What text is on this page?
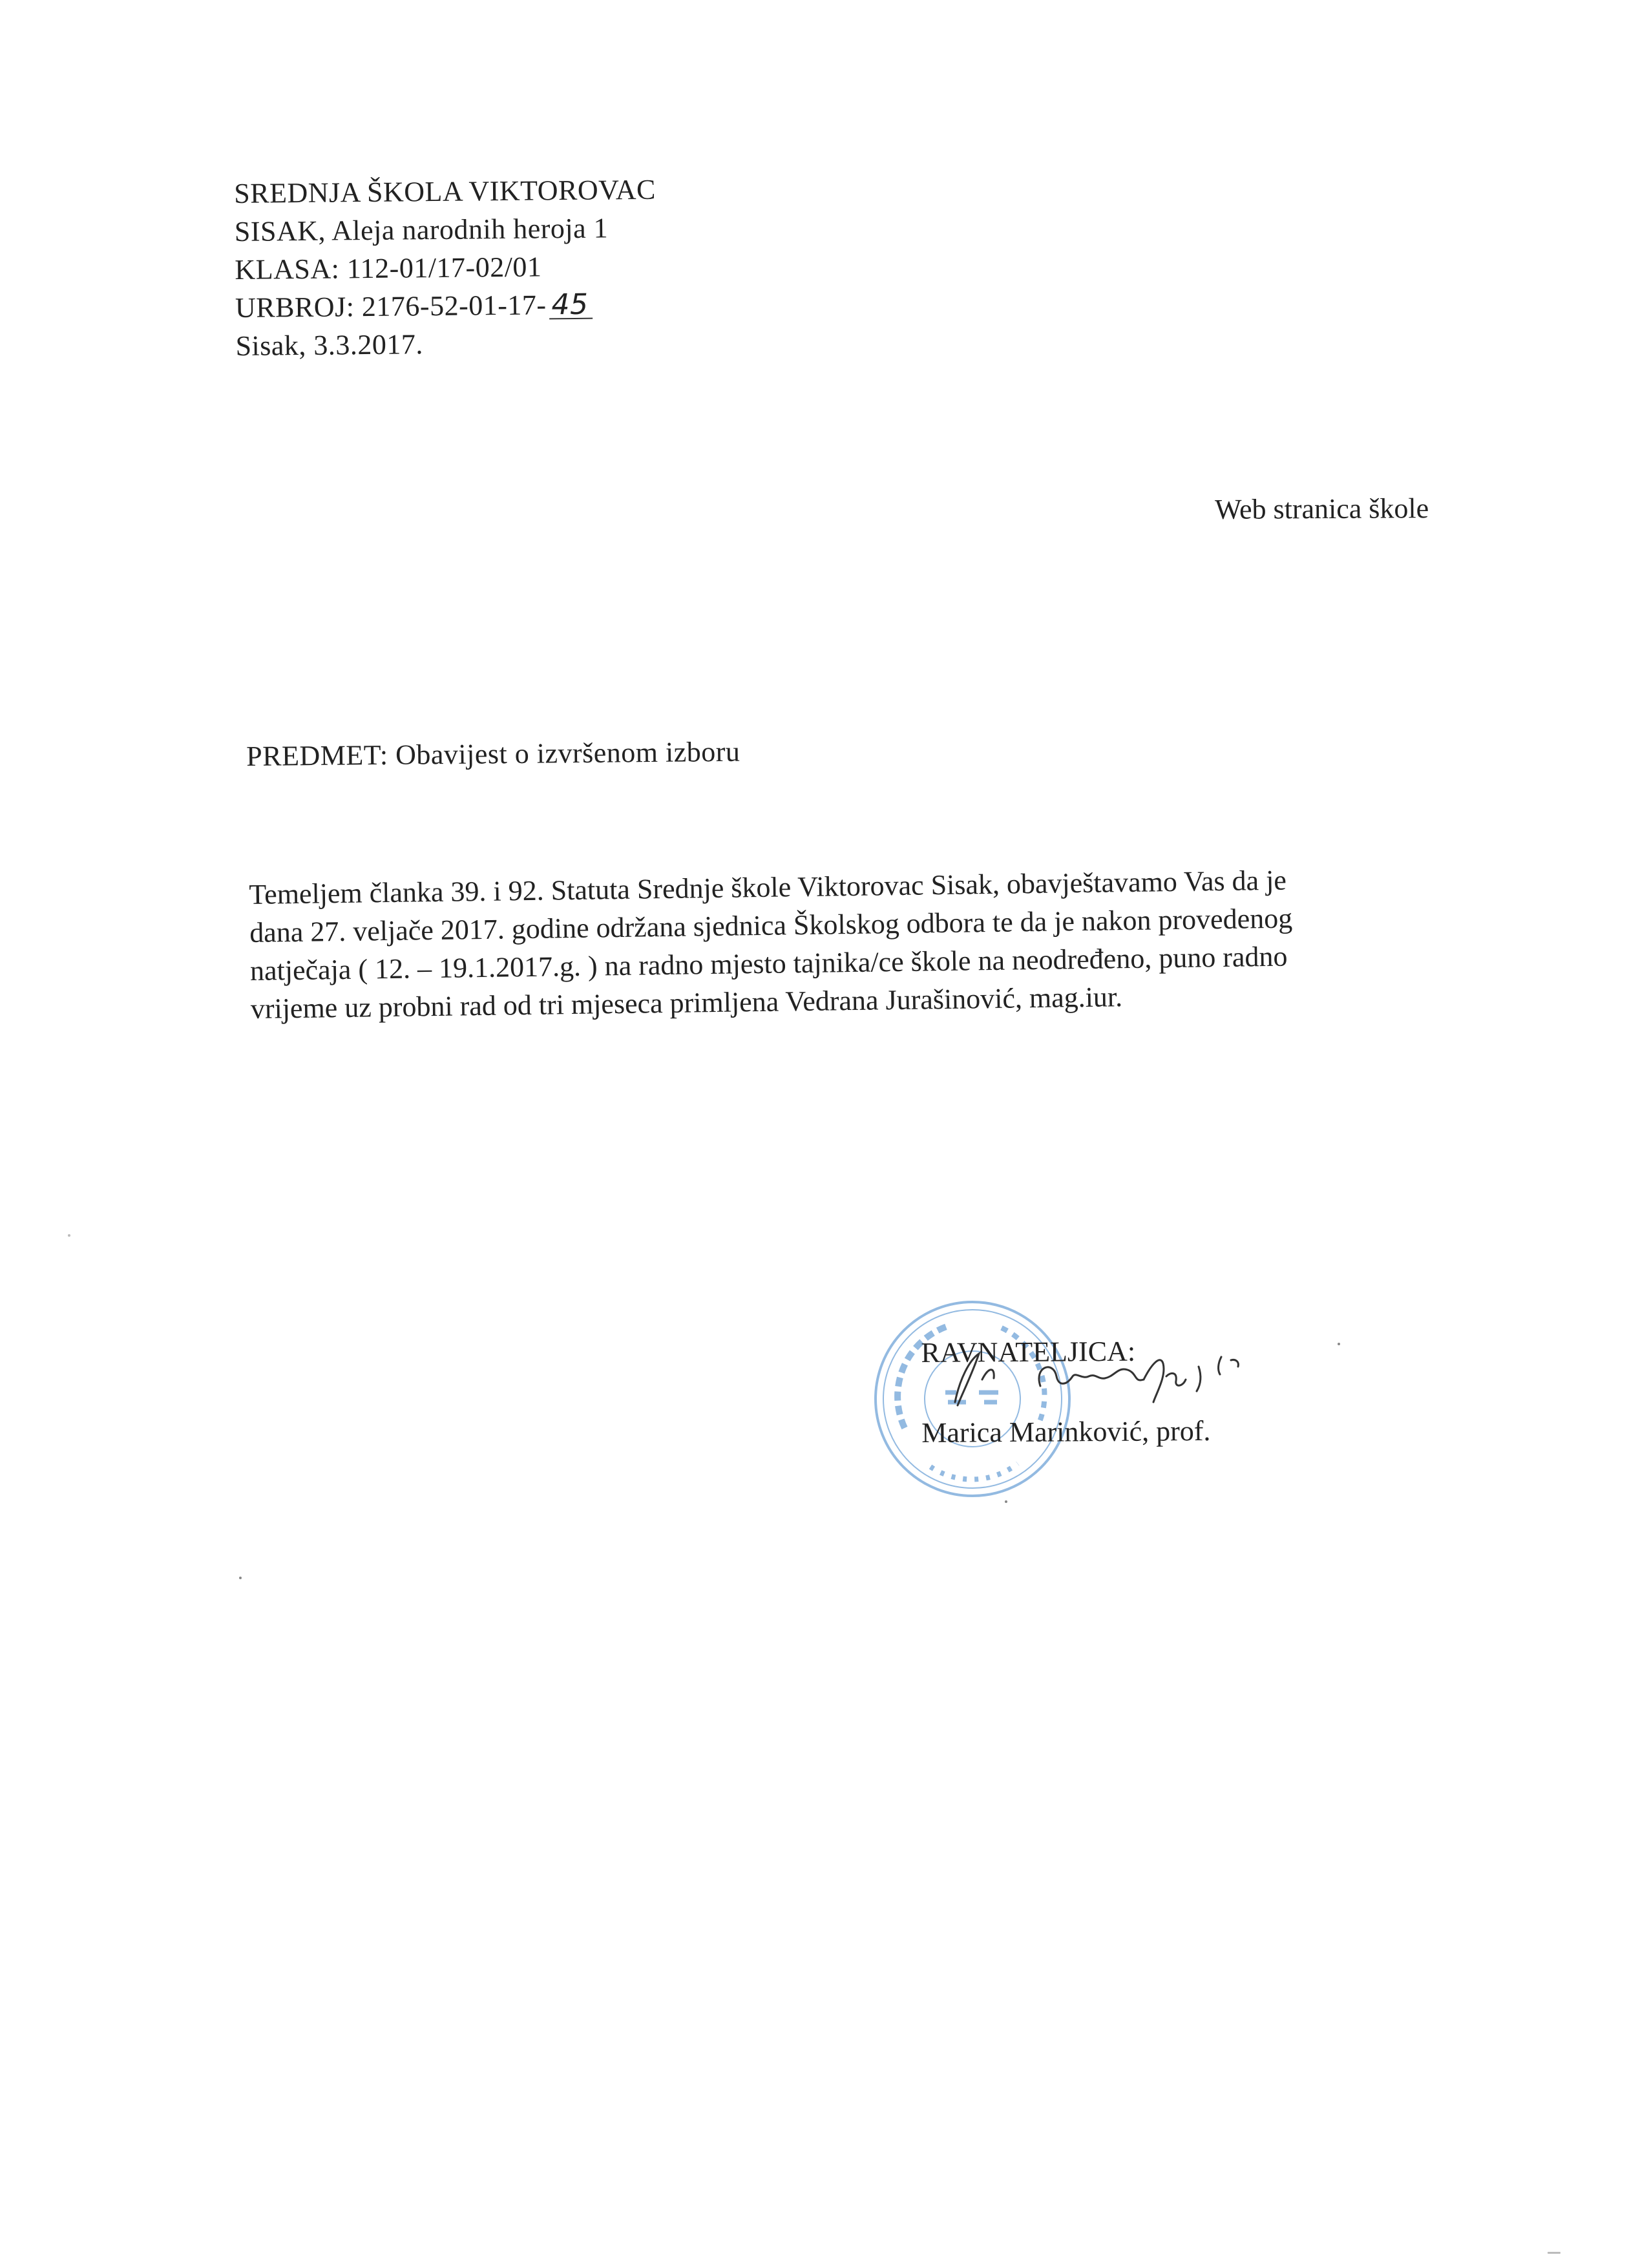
SREDNJA ŠKOLA VIKTOROVAC
SISAK, Aleja narodnih heroja 1
KLASA: 112-01/17-02/01
URBROJ: 2176-52-01-17- 45
Sisak, 3.3.2017.
Web stranica škole
PREDMET: Obavijest o izvršenom izboru
Temeljem članka 39. i 92. Statuta Srednje škole Viktorovac Sisak, obavještavamo Vas da je
dana 27. veljače 2017. godine održana sjednica Školskog odbora te da je nakon provedenog
natječaja ( 12. – 19.1.2017.g. ) na radno mjesto tajnika/ce škole na neodređeno, puno radno
vrijeme uz probni rad od tri mjeseca primljena Vedrana Jurašinović, mag.iur.
RAVNATELJICA:
Marica Marinković, prof.
